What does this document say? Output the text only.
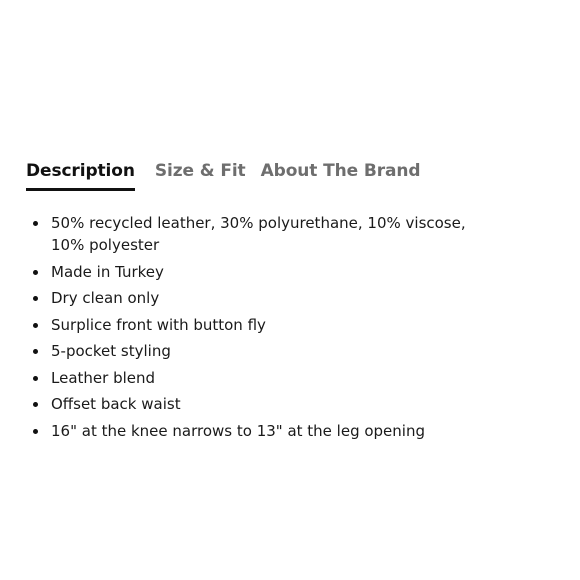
Description Size & Fit About The Brand
50% recycled leather, 30% polyurethane, 10% viscose, 10% polyester
Made in Turkey
Dry clean only
Surplice front with button fly
5-pocket styling
Leather blend
Offset back waist
16" at the knee narrows to 13" at the leg opening
